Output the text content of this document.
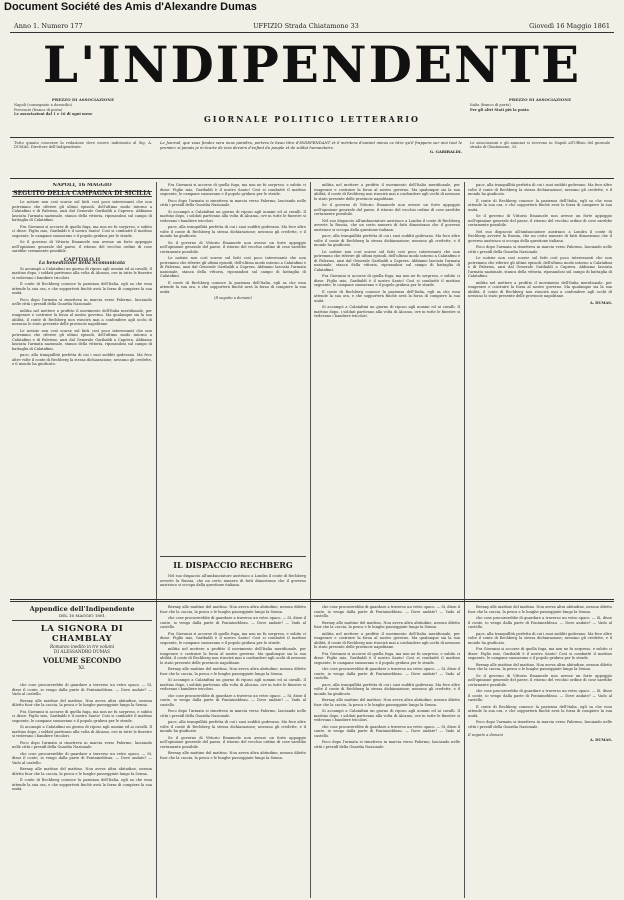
Document Société des Amis d'Alexandre Dumas
Anno 1. Numero 177	UFFIZIO Strada Chiatamone 33	Giovedì 16 Maggio 1861
L'INDIPENDENTE
PREZZO DI ASSOCIAZIONE
Napoli (consegnato a domicilio)
Provincie (franco di posta)
Le associazioni dal 1 e 16 di ogni mese	GIORNALE POLITICO LETTERARIO
PREZZO DI ASSOCIAZIONE
Italia (franco di porto)
Per gli altri Stati più la posta
Tutto quanto concerne la redazione deve essere indirizzato al Sig. A. DUMAS, Direttore dell'Indipendente.
Le Journal, que vous fondez sera nous paraîtra, portera le beau titre d'INDEPENDANT et il méritera d'autant mieux ce titre qu'il frappera sur moi tout le premier, si jamais je m'écarte de mes devoirs d'enfant du peuple et de soldat humanitaire.
G. GARIBALDI.
Le associazioni e gli annunzi si ricevono in Napoli all'Uffizio del giornale strada di Chiatamone, 33.
NAPOLI, 16 MAGGIO
SEGUITO DELLA CAMPAGNA DI SICILIA

Le notizie non così scarse sul fatti così poco interessanti che non potremmo che riferire gli ultimi episodi, dell'ultimo modo intorno a Calatafimi e di Palermo, anzi dal Generale Garibaldi a Caprera. Abbiamo lasciata l'armata nazionale, stanca della vittoria, riposandosi sul campo di battaglia di Calatafimi.

Fra Giovanni si accorse di quella fuga, ma non ne fu sorpreso, e subito ci disse: Figlio mio, Garibaldi è il nostro Santo! Così si combattè il mattino seguente, le campane suonavano e il popolo gridava per le strade.

Se il governo di Vittorio Emanuele non avesse un forte appoggio nell'opinione generale del paese, il ritorno del vecchio ordine di cose sarebbe certamente possibile.

CAPITOLO II
La benedizione della Scomunicata

Si accampò a Calatafimi un giorno di riposo agli uomini ed ai cavalli. Il mattino dopo, i soldati partivano alla volta di Alcamo, ove in tutte le finestre si vedevano i bandiere tricolori.

Il conte di Rechberg conosce la pazienza dell'Italia, egli sa che essa attende la sua ora, e che sopporterà finchè avrà la forza di compiere la sua unità.

Poco dopo l'armata si rimetteva in marcia verso Palermo, lasciando nelle città i presidî della Guardia Nazionale.

militia nel mettere a profitto il movimento dell'Italia meridionale, per esagerare e costruire la forza al nostro governo. Ma qualunque sia la sua abilità, il conte di Rechberg non riuscirà mai a confondere agli occhi di nessuno lo stato presente delle provincie napolitane.

Le notizie non così scarse sul fatti così poco interessanti che non potremmo che riferire gli ultimi episodi, dell'ultimo modo intorno a Calatafimi e di Palermo, anzi dal Generale Garibaldi a Caprera. Abbiamo lasciata l'armata nazionale, stanca della vittoria, riposandosi sul campo di battaglia di Calatafimi.

pace, alla tranquillità perfetta di cui i suoi sudditi godevano. Ma fece altre volte il conte di Rechberg la stessa dichiarazione; nessuno gli credette, e il mondo ha giudicato.

Fra Giovanni si accorse di quella fuga, ma non ne fu sorpreso, e subito ci disse: Figlio mio, Garibaldi è il nostro Santo! Così si combattè il mattino seguente, le campane suonavano e il popolo gridava per le strade.

Poco dopo l'armata si rimetteva in marcia verso Palermo, lasciando nelle città i presidî della Guardia Nazionale.

Si accampò a Calatafimi un giorno di riposo agli uomini ed ai cavalli. Il mattino dopo, i soldati partivano alla volta di Alcamo, ove in tutte le finestre si vedevano i bandiere tricolori.

pace, alla tranquillità perfetta di cui i suoi sudditi godevano. Ma fece altre volte il conte di Rechberg la stessa dichiarazione; nessuno gli credette, e il mondo ha giudicato.

Se il governo di Vittorio Emanuele non avesse un forte appoggio nell'opinione generale del paese, il ritorno del vecchio ordine di cose sarebbe certamente possibile.

Le notizie non così scarse sul fatti così poco interessanti che non potremmo che riferire gli ultimi episodi, dell'ultimo modo intorno a Calatafimi e di Palermo, anzi dal Generale Garibaldi a Caprera. Abbiamo lasciata l'armata nazionale, stanca della vittoria, riposandosi sul campo di battaglia di Calatafimi.

Il conte di Rechberg conosce la pazienza dell'Italia, egli sa che essa attende la sua ora, e che sopporterà finchè avrà la forza di compiere la sua unità.

(Il seguito a domani)
IL DISPACCIO RECHBERG

Nel suo dispaccio all'ambasciatore austriaco a Londra il conte di Rechberg avverte la Russia, che un certo numero di fatti dimostrano che il governo austriaco si occupa della questione italiana.

militia nel mettere a profitto il movimento dell'Italia meridionale, per esagerare e costruire la forza al nostro governo. Ma qualunque sia la sua abilità, il conte di Rechberg non riuscirà mai a confondere agli occhi di nessuno lo stato presente delle provincie napolitane.

Se il governo di Vittorio Emanuele non avesse un forte appoggio nell'opinione generale del paese, il ritorno del vecchio ordine di cose sarebbe certamente possibile.

Nel suo dispaccio all'ambasciatore austriaco a Londra il conte di Rechberg avverte la Russia, che un certo numero di fatti dimostrano che il governo austriaco si occupa della questione italiana.

pace, alla tranquillità perfetta di cui i suoi sudditi godevano. Ma fece altre volte il conte di Rechberg la stessa dichiarazione; nessuno gli credette, e il mondo ha giudicato.

Le notizie non così scarse sul fatti così poco interessanti che non potremmo che riferire gli ultimi episodi, dell'ultimo modo intorno a Calatafimi e di Palermo, anzi dal Generale Garibaldi a Caprera. Abbiamo lasciata l'armata nazionale, stanca della vittoria, riposandosi sul campo di battaglia di Calatafimi.

Fra Giovanni si accorse di quella fuga, ma non ne fu sorpreso, e subito ci disse: Figlio mio, Garibaldi è il nostro Santo! Così si combattè il mattino seguente, le campane suonavano e il popolo gridava per le strade.

Il conte di Rechberg conosce la pazienza dell'Italia, egli sa che essa attende la sua ora, e che sopporterà finchè avrà la forza di compiere la sua unità.

Si accampò a Calatafimi un giorno di riposo agli uomini ed ai cavalli. Il mattino dopo, i soldati partivano alla volta di Alcamo, ove in tutte le finestre si vedevano i bandiere tricolori.

pace, alla tranquillità perfetta di cui i suoi sudditi godevano. Ma fece altre volte il conte di Rechberg la stessa dichiarazione; nessuno gli credette, e il mondo ha giudicato.

Il conte di Rechberg conosce la pazienza dell'Italia, egli sa che essa attende la sua ora, e che sopporterà finchè avrà la forza di compiere la sua unità.

Se il governo di Vittorio Emanuele non avesse un forte appoggio nell'opinione generale del paese, il ritorno del vecchio ordine di cose sarebbe certamente possibile.

Nel suo dispaccio all'ambasciatore austriaco a Londra il conte di Rechberg avverte la Russia, che un certo numero di fatti dimostrano che il governo austriaco si occupa della questione italiana.

Poco dopo l'armata si rimetteva in marcia verso Palermo, lasciando nelle città i presidî della Guardia Nazionale.

Le notizie non così scarse sul fatti così poco interessanti che non potremmo che riferire gli ultimi episodi, dell'ultimo modo intorno a Calatafimi e di Palermo, anzi dal Generale Garibaldi a Caprera. Abbiamo lasciata l'armata nazionale, stanca della vittoria, riposandosi sul campo di battaglia di Calatafimi.

militia nel mettere a profitto il movimento dell'Italia meridionale, per esagerare e costruire la forza al nostro governo. Ma qualunque sia la sua abilità, il conte di Rechberg non riuscirà mai a confondere agli occhi di nessuno lo stato presente delle provincie napolitane.

A. DUMAS.
Appendice dell'Indipendente
DEL 16 MAGGIO 1861
LA SIGNORA DI CHAMBLAY
Romanzo inedito in tre volumi
DI ALESSANDRO DUMAS
VOLUME SECONDO
XI.

che cose procurerebbe di guardare a traverso un vetro opaco. — Sì, disse il conte, io vengo dalla parte di Fontainebleau. — Dove andate? — Vado al castello.

Bernay alle mattine del mattino. Non aveva altra abitudine, nessun diletto fuor che la caccia, la pesca e le lunghe passeggiate lungo la Senna.

Fra Giovanni si accorse di quella fuga, ma non ne fu sorpreso, e subito ci disse: Figlio mio, Garibaldi è il nostro Santo! Così si combattè il mattino seguente, le campane suonavano e il popolo gridava per le strade.

Si accampò a Calatafimi un giorno di riposo agli uomini ed ai cavalli. Il mattino dopo, i soldati partivano alla volta di Alcamo, ove in tutte le finestre si vedevano i bandiere tricolori.

Poco dopo l'armata si rimetteva in marcia verso Palermo, lasciando nelle città i presidî della Guardia Nazionale.

che cose procurerebbe di guardare a traverso un vetro opaco. — Sì, disse il conte, io vengo dalla parte di Fontainebleau. — Dove andate? — Vado al castello.

Bernay alle mattine del mattino. Non aveva altra abitudine, nessun diletto fuor che la caccia, la pesca e le lunghe passeggiate lungo la Senna.

Il conte di Rechberg conosce la pazienza dell'Italia, egli sa che essa attende la sua ora, e che sopporterà finchè avrà la forza di compiere la sua unità.

Bernay alle mattine del mattino. Non aveva altra abitudine, nessun diletto fuor che la caccia, la pesca e le lunghe passeggiate lungo la Senna.

che cose procurerebbe di guardare a traverso un vetro opaco. — Sì, disse il conte, io vengo dalla parte di Fontainebleau. — Dove andate? — Vado al castello.

Fra Giovanni si accorse di quella fuga, ma non ne fu sorpreso, e subito ci disse: Figlio mio, Garibaldi è il nostro Santo! Così si combattè il mattino seguente, le campane suonavano e il popolo gridava per le strade.

militia nel mettere a profitto il movimento dell'Italia meridionale, per esagerare e costruire la forza al nostro governo. Ma qualunque sia la sua abilità, il conte di Rechberg non riuscirà mai a confondere agli occhi di nessuno lo stato presente delle provincie napolitane.

Bernay alle mattine del mattino. Non aveva altra abitudine, nessun diletto fuor che la caccia, la pesca e le lunghe passeggiate lungo la Senna.

Si accampò a Calatafimi un giorno di riposo agli uomini ed ai cavalli. Il mattino dopo, i soldati partivano alla volta di Alcamo, ove in tutte le finestre si vedevano i bandiere tricolori.

che cose procurerebbe di guardare a traverso un vetro opaco. — Sì, disse il conte, io vengo dalla parte di Fontainebleau. — Dove andate? — Vado al castello.

Poco dopo l'armata si rimetteva in marcia verso Palermo, lasciando nelle città i presidî della Guardia Nazionale.

pace, alla tranquillità perfetta di cui i suoi sudditi godevano. Ma fece altre volte il conte di Rechberg la stessa dichiarazione; nessuno gli credette, e il mondo ha giudicato.

Se il governo di Vittorio Emanuele non avesse un forte appoggio nell'opinione generale del paese, il ritorno del vecchio ordine di cose sarebbe certamente possibile.

Bernay alle mattine del mattino. Non aveva altra abitudine, nessun diletto fuor che la caccia, la pesca e le lunghe passeggiate lungo la Senna.

che cose procurerebbe di guardare a traverso un vetro opaco. — Sì, disse il conte, io vengo dalla parte di Fontainebleau. — Dove andate? — Vado al castello.

Bernay alle mattine del mattino. Non aveva altra abitudine, nessun diletto fuor che la caccia, la pesca e le lunghe passeggiate lungo la Senna.

militia nel mettere a profitto il movimento dell'Italia meridionale, per esagerare e costruire la forza al nostro governo. Ma qualunque sia la sua abilità, il conte di Rechberg non riuscirà mai a confondere agli occhi di nessuno lo stato presente delle provincie napolitane.

Fra Giovanni si accorse di quella fuga, ma non ne fu sorpreso, e subito ci disse: Figlio mio, Garibaldi è il nostro Santo! Così si combattè il mattino seguente, le campane suonavano e il popolo gridava per le strade.

che cose procurerebbe di guardare a traverso un vetro opaco. — Sì, disse il conte, io vengo dalla parte di Fontainebleau. — Dove andate? — Vado al castello.

pace, alla tranquillità perfetta di cui i suoi sudditi godevano. Ma fece altre volte il conte di Rechberg la stessa dichiarazione; nessuno gli credette, e il mondo ha giudicato.

Bernay alle mattine del mattino. Non aveva altra abitudine, nessun diletto fuor che la caccia, la pesca e le lunghe passeggiate lungo la Senna.

Si accampò a Calatafimi un giorno di riposo agli uomini ed ai cavalli. Il mattino dopo, i soldati partivano alla volta di Alcamo, ove in tutte le finestre si vedevano i bandiere tricolori.

che cose procurerebbe di guardare a traverso un vetro opaco. — Sì, disse il conte, io vengo dalla parte di Fontainebleau. — Dove andate? — Vado al castello.

Poco dopo l'armata si rimetteva in marcia verso Palermo, lasciando nelle città i presidî della Guardia Nazionale.

Bernay alle mattine del mattino. Non aveva altra abitudine, nessun diletto fuor che la caccia, la pesca e le lunghe passeggiate lungo la Senna.

che cose procurerebbe di guardare a traverso un vetro opaco. — Sì, disse il conte, io vengo dalla parte di Fontainebleau. — Dove andate? — Vado al castello.

pace, alla tranquillità perfetta di cui i suoi sudditi godevano. Ma fece altre volte il conte di Rechberg la stessa dichiarazione; nessuno gli credette, e il mondo ha giudicato.

Fra Giovanni si accorse di quella fuga, ma non ne fu sorpreso, e subito ci disse: Figlio mio, Garibaldi è il nostro Santo! Così si combattè il mattino seguente, le campane suonavano e il popolo gridava per le strade.

Bernay alle mattine del mattino. Non aveva altra abitudine, nessun diletto fuor che la caccia, la pesca e le lunghe passeggiate lungo la Senna.

Se il governo di Vittorio Emanuele non avesse un forte appoggio nell'opinione generale del paese, il ritorno del vecchio ordine di cose sarebbe certamente possibile.

che cose procurerebbe di guardare a traverso un vetro opaco. — Sì, disse il conte, io vengo dalla parte di Fontainebleau. — Dove andate? — Vado al castello.

Il conte di Rechberg conosce la pazienza dell'Italia, egli sa che essa attende la sua ora, e che sopporterà finchè avrà la forza di compiere la sua unità.

Poco dopo l'armata si rimetteva in marcia verso Palermo, lasciando nelle città i presidî della Guardia Nazionale.

Il seguito a domani
A. DUMAS.
